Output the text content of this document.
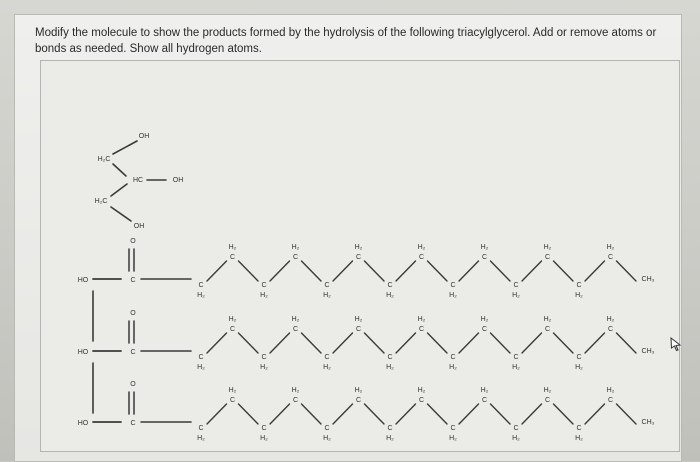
Modify the molecule to show the products formed by the hydrolysis of the following triacylglycerol. Add or remove atoms or bonds as needed. Show all hydrogen atoms.
OH
H₂C
HC	OH
H₂C
OH
HO
O
C
C
H₂
C
H₂
C
H₂
C
H₂
C
H₂
C
H₂
C
H₂
C
H₂
C
H₂
C
H₂
C
H₂
C
H₂
C
H₂
C
H₂
CH₃
HO
O
C
C
H₂
C
H₂
C
H₂
C
H₂
C
H₂
C
H₂
C
H₂
C
H₂
C
H₂
C
H₂
C
H₂
C
H₂
C
H₂
C
H₂
CH₃
HO
O
C
C
H₂
C
H₂
C
H₂
C
H₂
C
H₂
C
H₂
C
H₂
C
H₂
C
H₂
C
H₂
C
H₂
C
H₂
C
H₂
C
H₂
CH₃
